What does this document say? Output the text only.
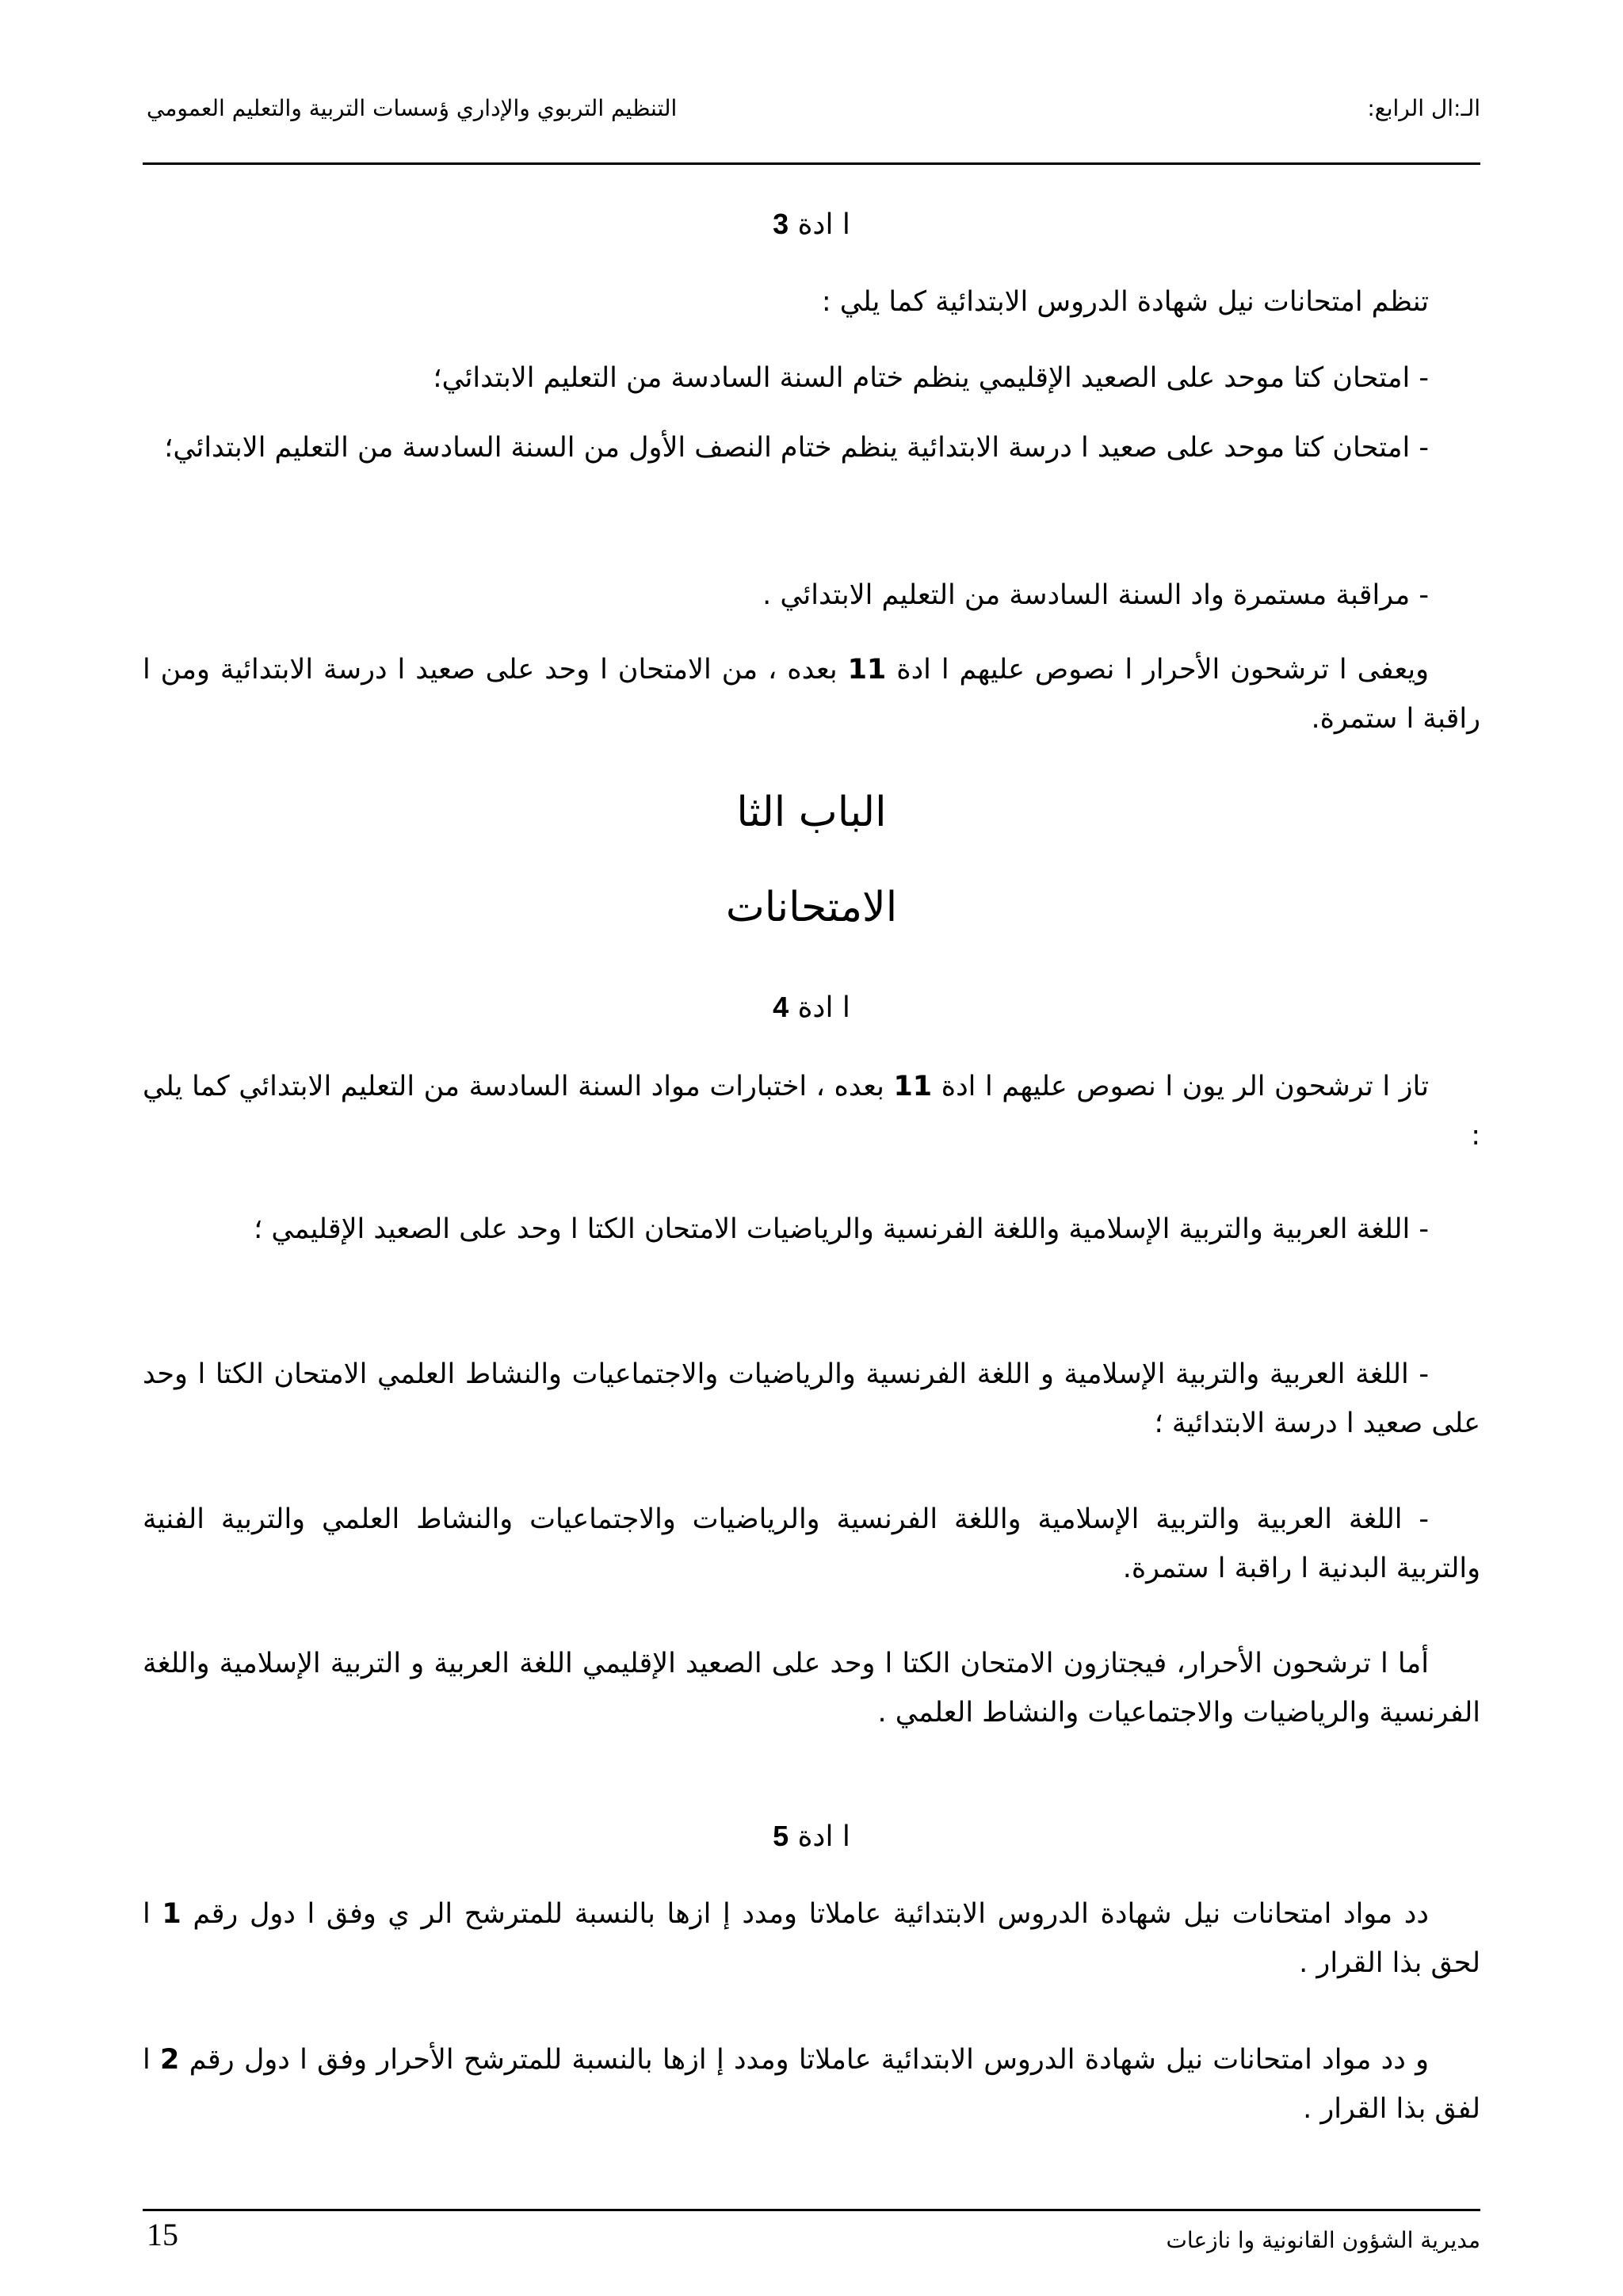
الـ:ال الرابع:
التنظيم التربوي والإداري ؤسسات التربية والتعليم العمومي
ا ادة 3
تنظم امتحانات نيل شهادة الدروس الابتدائية كما يلي :
- امتحان كتا موحد على الصعيد الإقليمي ينظم ختام السنة السادسة من التعليم الابتدائي؛
- امتحان كتا موحد على صعيد ا درسة الابتدائية ينظم ختام النصف الأول من السنة السادسة من التعليم الابتدائي؛
- مراقبة مستمرة واد السنة السادسة من التعليم الابتدائي .
ويعفى ا ترشحون الأحرار ا نصوص عليهم ا ادة 11 بعده ، من الامتحان ا وحد على صعيد ا درسة الابتدائية ومن ا راقبة ا ستمرة.
الباب الثا
الامتحانات
ا ادة 4
تاز ا ترشحون الر يون ا نصوص عليهم ا ادة 11 بعده ، اختبارات مواد السنة السادسة من التعليم الابتدائي كما يلي :
- اللغة العربية والتربية الإسلامية واللغة الفرنسية والرياضيات الامتحان الكتا ا وحد على الصعيد الإقليمي ؛
- اللغة العربية والتربية الإسلامية و اللغة الفرنسية والرياضيات والاجتماعيات والنشاط العلمي الامتحان الكتا ا وحد على صعيد ا درسة الابتدائية ؛
- اللغة العربية والتربية الإسلامية واللغة الفرنسية والرياضيات والاجتماعيات والنشاط العلمي والتربية الفنية والتربية البدنية ا راقبة ا ستمرة.
أما ا ترشحون الأحرار، فيجتازون الامتحان الكتا ا وحد على الصعيد الإقليمي اللغة العربية و التربية الإسلامية واللغة الفرنسية والرياضيات والاجتماعيات والنشاط العلمي .
ا ادة 5
دد مواد امتحانات نيل شهادة الدروس الابتدائية عاملاتا ومدد إ ازها بالنسبة للمترشح الر ي وفق ا دول رقم 1 ا لحق بذا القرار .
و دد مواد امتحانات نيل شهادة الدروس الابتدائية عاملاتا ومدد إ ازها بالنسبة للمترشح الأحرار وفق ا دول رقم 2 ا لفق بذا القرار .
مديرية الشؤون القانونية وا نازعات
15
